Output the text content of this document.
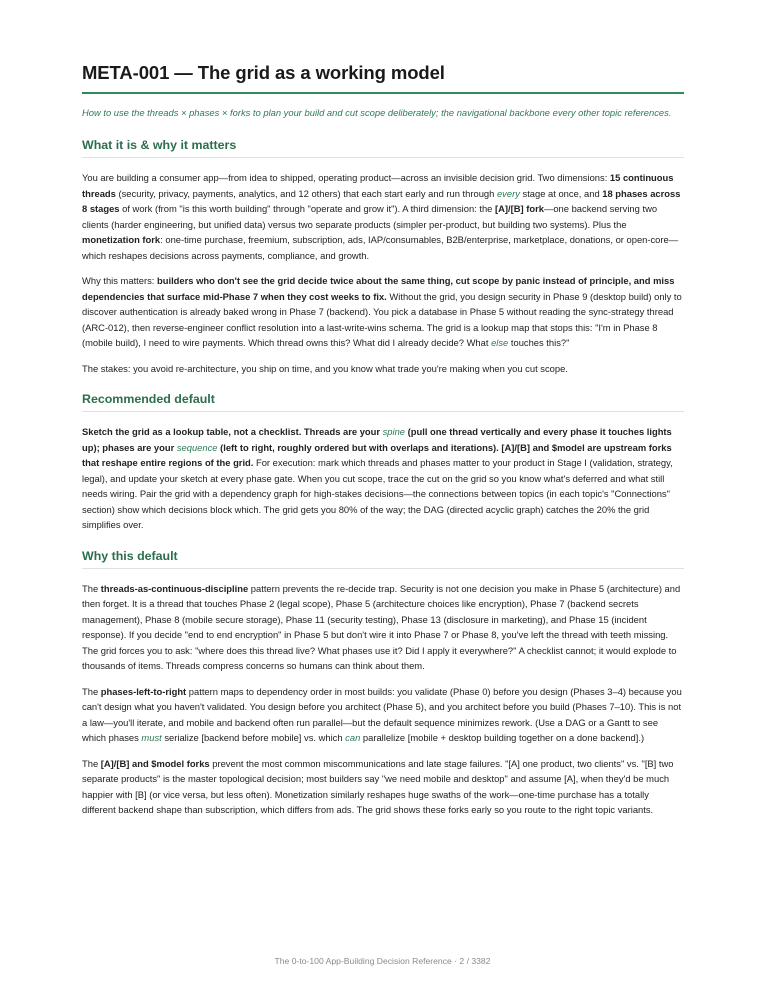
META-001 — The grid as a working model
How to use the threads × phases × forks to plan your build and cut scope deliberately; the navigational backbone every other topic references.
What it is & why it matters

You are building a consumer app—from idea to shipped, operating product—across an invisible decision grid. Two dimensions: 15 continuous threads (security, privacy, payments, analytics, and 12 others) that each start early and run through every stage at once, and 18 phases across 8 stages of work (from "is this worth building" through "operate and grow it"). A third dimension: the [A]/[B] fork—one backend serving two clients (harder engineering, but unified data) versus two separate products (simpler per-product, but building two systems). Plus the monetization fork: one-time purchase, freemium, subscription, ads, IAP/consumables, B2B/enterprise, marketplace, donations, or open-core—which reshapes decisions across payments, compliance, and growth.

Why this matters: builders who don't see the grid decide twice about the same thing, cut scope by panic instead of principle, and miss dependencies that surface mid-Phase 7 when they cost weeks to fix. Without the grid, you design security in Phase 9 (desktop build) only to discover authentication is already baked wrong in Phase 7 (backend). You pick a database in Phase 5 without reading the sync-strategy thread (ARC-012), then reverse-engineer conflict resolution into a last-write-wins schema. The grid is a lookup map that stops this: "I'm in Phase 8 (mobile build), I need to wire payments. Which thread owns this? What did I already decide? What else touches this?"

The stakes: you avoid re-architecture, you ship on time, and you know what trade you're making when you cut scope.

Recommended default

Sketch the grid as a lookup table, not a checklist. Threads are your spine (pull one thread vertically and every phase it touches lights up); phases are your sequence (left to right, roughly ordered but with overlaps and iterations). [A]/[B] and $model are upstream forks that reshape entire regions of the grid. For execution: mark which threads and phases matter to your product in Stage I (validation, strategy, legal), and update your sketch at every phase gate. When you cut scope, trace the cut on the grid so you know what's deferred and what still needs wiring. Pair the grid with a dependency graph for high-stakes decisions—the connections between topics (in each topic's "Connections" section) show which decisions block which. The grid gets you 80% of the way; the DAG (directed acyclic graph) catches the 20% the grid simplifies over.

Why this default

The threads-as-continuous-discipline pattern prevents the re-decide trap. Security is not one decision you make in Phase 5 (architecture) and then forget. It is a thread that touches Phase 2 (legal scope), Phase 5 (architecture choices like encryption), Phase 7 (backend secrets management), Phase 8 (mobile secure storage), Phase 11 (security testing), Phase 13 (disclosure in marketing), and Phase 15 (incident response). If you decide "end to end encryption" in Phase 5 but don't wire it into Phase 7 or Phase 8, you've left the thread with teeth missing. The grid forces you to ask: "where does this thread live? What phases use it? Did I apply it everywhere?" A checklist cannot; it would explode to thousands of items. Threads compress concerns so humans can think about them.

The phases-left-to-right pattern maps to dependency order in most builds: you validate (Phase 0) before you design (Phases 3–4) because you can't design what you haven't validated. You design before you architect (Phase 5), and you architect before you build (Phases 7–10). This is not a law—you'll iterate, and mobile and backend often run parallel—but the default sequence minimizes rework. (Use a DAG or a Gantt to see which phases must serialize [backend before mobile] vs. which can parallelize [mobile + desktop building together on a done backend].)

The [A]/[B] and $model forks prevent the most common miscommunications and late stage failures. "[A] one product, two clients" vs. "[B] two separate products" is the master topological decision; most builders say "we need mobile and desktop" and assume [A], when they'd be much happier with [B] (or vice versa, but less often). Monetization similarly reshapes huge swaths of the work—one-time purchase has a totally different backend shape than subscription, which differs from ads. The grid shows these forks early so you route to the right topic variants.

The 0-to-100 App-Building Decision Reference · 2 / 3382
